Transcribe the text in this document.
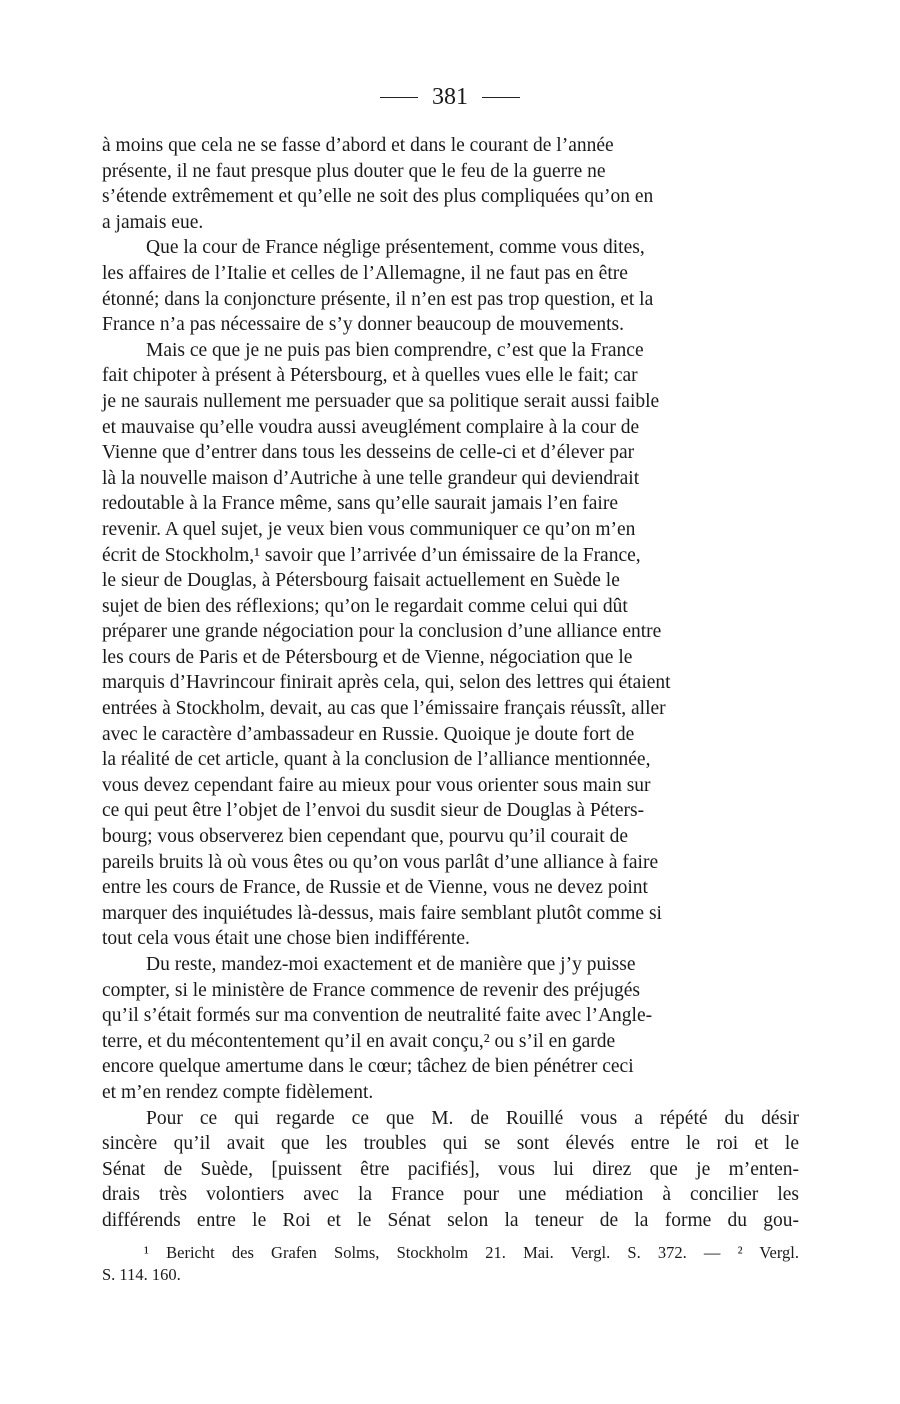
381

à moins que cela ne se fasse d’abord et dans le courant de l’année
présente, il ne faut presque plus douter que le feu de la guerre ne
s’étende extrêmement et qu’elle ne soit des plus compliquées qu’on en
a jamais eue.

Que la cour de France néglige présentement, comme vous dites,
les affaires de l’Italie et celles de l’Allemagne, il ne faut pas en être
étonné; dans la conjoncture présente, il n’en est pas trop question, et la
France n’a pas nécessaire de s’y donner beaucoup de mouvements.

Mais ce que je ne puis pas bien comprendre, c’est que la France
fait chipoter à présent à Pétersbourg, et à quelles vues elle le fait; car
je ne saurais nullement me persuader que sa politique serait aussi faible
et mauvaise qu’elle voudra aussi aveuglément complaire à la cour de
Vienne que d’entrer dans tous les desseins de celle-ci et d’élever par
là la nouvelle maison d’Autriche à une telle grandeur qui deviendrait
redoutable à la France même, sans qu’elle saurait jamais l’en faire
revenir. A quel sujet, je veux bien vous communiquer ce qu’on m’en
écrit de Stockholm,¹ savoir que l’arrivée d’un émissaire de la France,
le sieur de Douglas, à Pétersbourg faisait actuellement en Suède le
sujet de bien des réflexions; qu’on le regardait comme celui qui dût
préparer une grande négociation pour la conclusion d’une alliance entre
les cours de Paris et de Pétersbourg et de Vienne, négociation que le
marquis d’Havrincour finirait après cela, qui, selon des lettres qui étaient
entrées à Stockholm, devait, au cas que l’émissaire français réussît, aller
avec le caractère d’ambassadeur en Russie. Quoique je doute fort de
la réalité de cet article, quant à la conclusion de l’alliance mentionnée,
vous devez cependant faire au mieux pour vous orienter sous main sur
ce qui peut être l’objet de l’envoi du susdit sieur de Douglas à Péters-
bourg; vous observerez bien cependant que, pourvu qu’il courait de
pareils bruits là où vous êtes ou qu’on vous parlât d’une alliance à faire
entre les cours de France, de Russie et de Vienne, vous ne devez point
marquer des inquiétudes là-dessus, mais faire semblant plutôt comme si
tout cela vous était une chose bien indifférente.

Du reste, mandez-moi exactement et de manière que j’y puisse
compter, si le ministère de France commence de revenir des préjugés
qu’il s’était formés sur ma convention de neutralité faite avec l’Angle-
terre, et du mécontentement qu’il en avait conçu,² ou s’il en garde
encore quelque amertume dans le cœur; tâchez de bien pénétrer ceci
et m’en rendez compte fidèlement.

Pour ce qui regarde ce que M. de Rouillé vous a répété du désir
sincère qu’il avait que les troubles qui se sont élevés entre le roi et le
Sénat de Suède, [puissent être pacifiés], vous lui direz que je m’enten-
drais très volontiers avec la France pour une médiation à concilier les
différends entre le Roi et le Sénat selon la teneur de la forme du gou-

¹ Bericht des Grafen Solms, Stockholm 21. Mai. Vergl. S. 372. — ² Vergl.
S. 114. 160.
